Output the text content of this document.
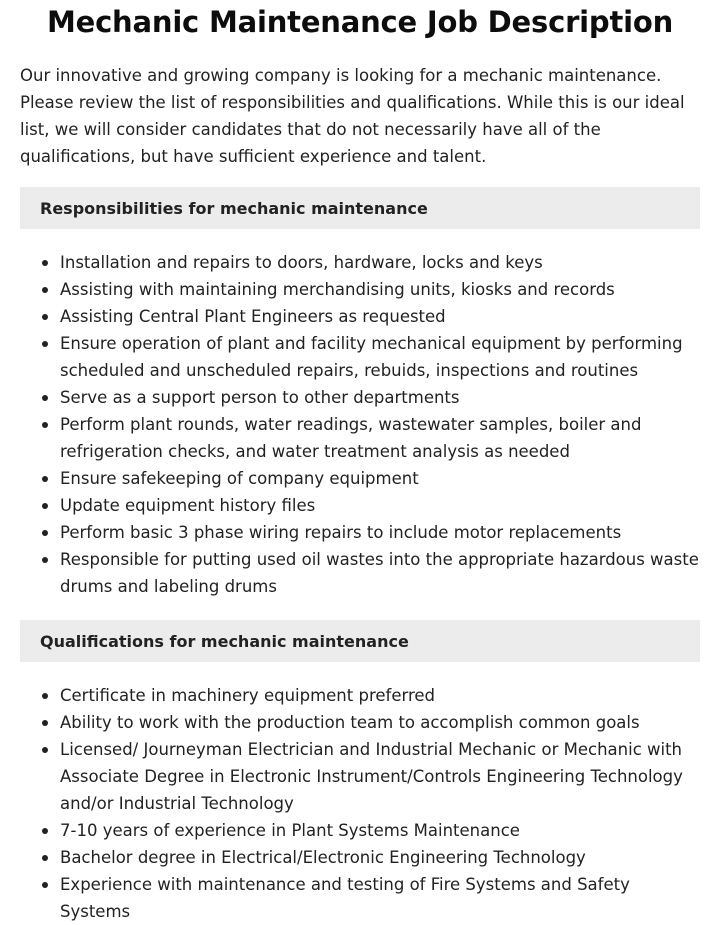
Mechanic Maintenance Job Description

Our innovative and growing company is looking for a mechanic maintenance. Please review the list of responsibilities and qualifications. While this is our ideal list, we will consider candidates that do not necessarily have all of the qualifications, but have sufficient experience and talent.

Responsibilities for mechanic maintenance
Installation and repairs to doors, hardware, locks and keys
Assisting with maintaining merchandising units, kiosks and records
Assisting Central Plant Engineers as requested
Ensure operation of plant and facility mechanical equipment by performing scheduled and unscheduled repairs, rebuids, inspections and routines
Serve as a support person to other departments
Perform plant rounds, water readings, wastewater samples, boiler and refrigeration checks, and water treatment analysis as needed
Ensure safekeeping of company equipment
Update equipment history files
Perform basic 3 phase wiring repairs to include motor replacements
Responsible for putting used oil wastes into the appropriate hazardous waste drums and labeling drums
Qualifications for mechanic maintenance
Certificate in machinery equipment preferred
Ability to work with the production team to accomplish common goals
Licensed/ Journeyman Electrician and Industrial Mechanic or Mechanic with Associate Degree in Electronic Instrument/Controls Engineering Technology and/or Industrial Technology
7-10 years of experience in Plant Systems Maintenance
Bachelor degree in Electrical/Electronic Engineering Technology
Experience with maintenance and testing of Fire Systems and Safety Systems
